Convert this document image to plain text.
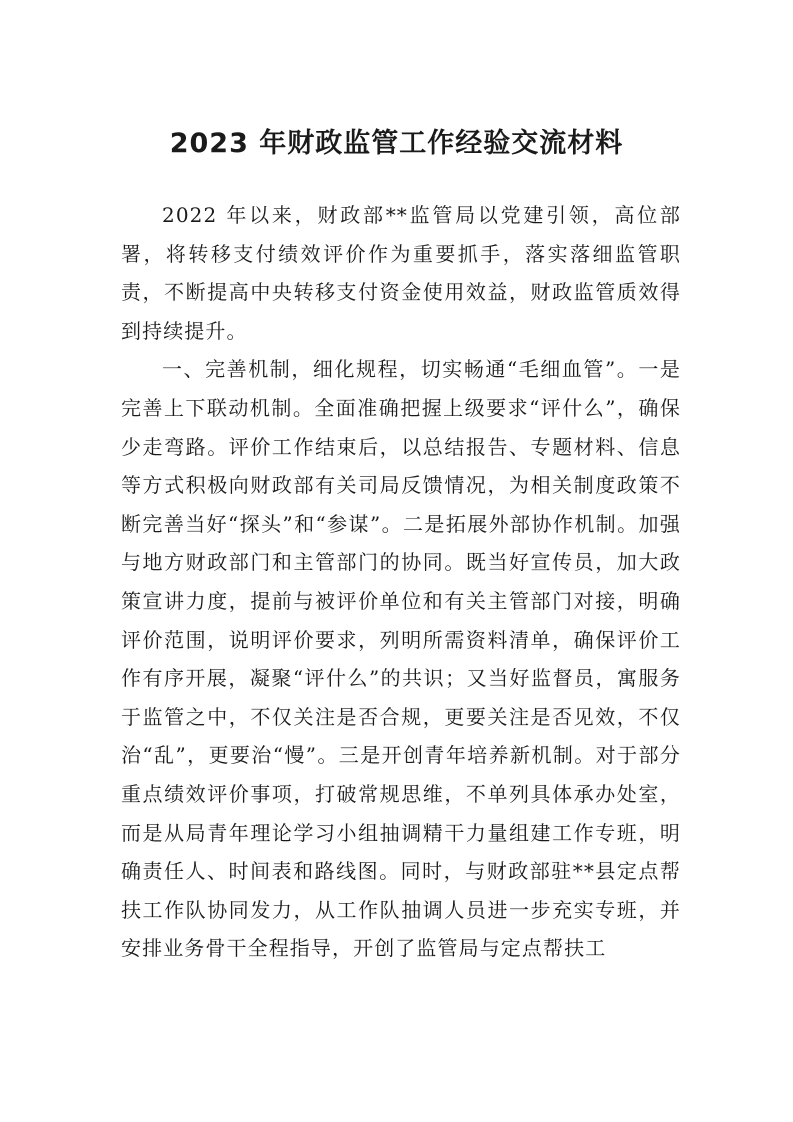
2023 年财政监管工作经验交流材料

2022 年以来，财政部**监管局以党建引领，高位部署，将转移支付绩效评价作为重要抓手，落实落细监管职责，不断提高中央转移支付资金使用效益，财政监管质效得到持续提升。

一、完善机制，细化规程，切实畅通“毛细血管”。一是完善上下联动机制。全面准确把握上级要求“评什么”，确保少走弯路。评价工作结束后，以总结报告、专题材料、信息等方式积极向财政部有关司局反馈情况，为相关制度政策不断完善当好“探头”和“参谋”。二是拓展外部协作机制。加强与地方财政部门和主管部门的协同。既当好宣传员，加大政策宣讲力度，提前与被评价单位和有关主管部门对接，明确评价范围，说明评价要求，列明所需资料清单，确保评价工作有序开展，凝聚“评什么”的共识；又当好监督员，寓服务于监管之中，不仅关注是否合规，更要关注是否见效，不仅治“乱”，更要治“慢”。三是开创青年培养新机制。对于部分重点绩效评价事项，打破常规思维，不单列具体承办处室，而是从局青年理论学习小组抽调精干力量组建工作专班，明确责任人、时间表和路线图。同时，与财政部驻**县定点帮扶工作队协同发力，从工作队抽调人员进一步充实专班，并安排业务骨干全程指导，开创了监管局与定点帮扶工
